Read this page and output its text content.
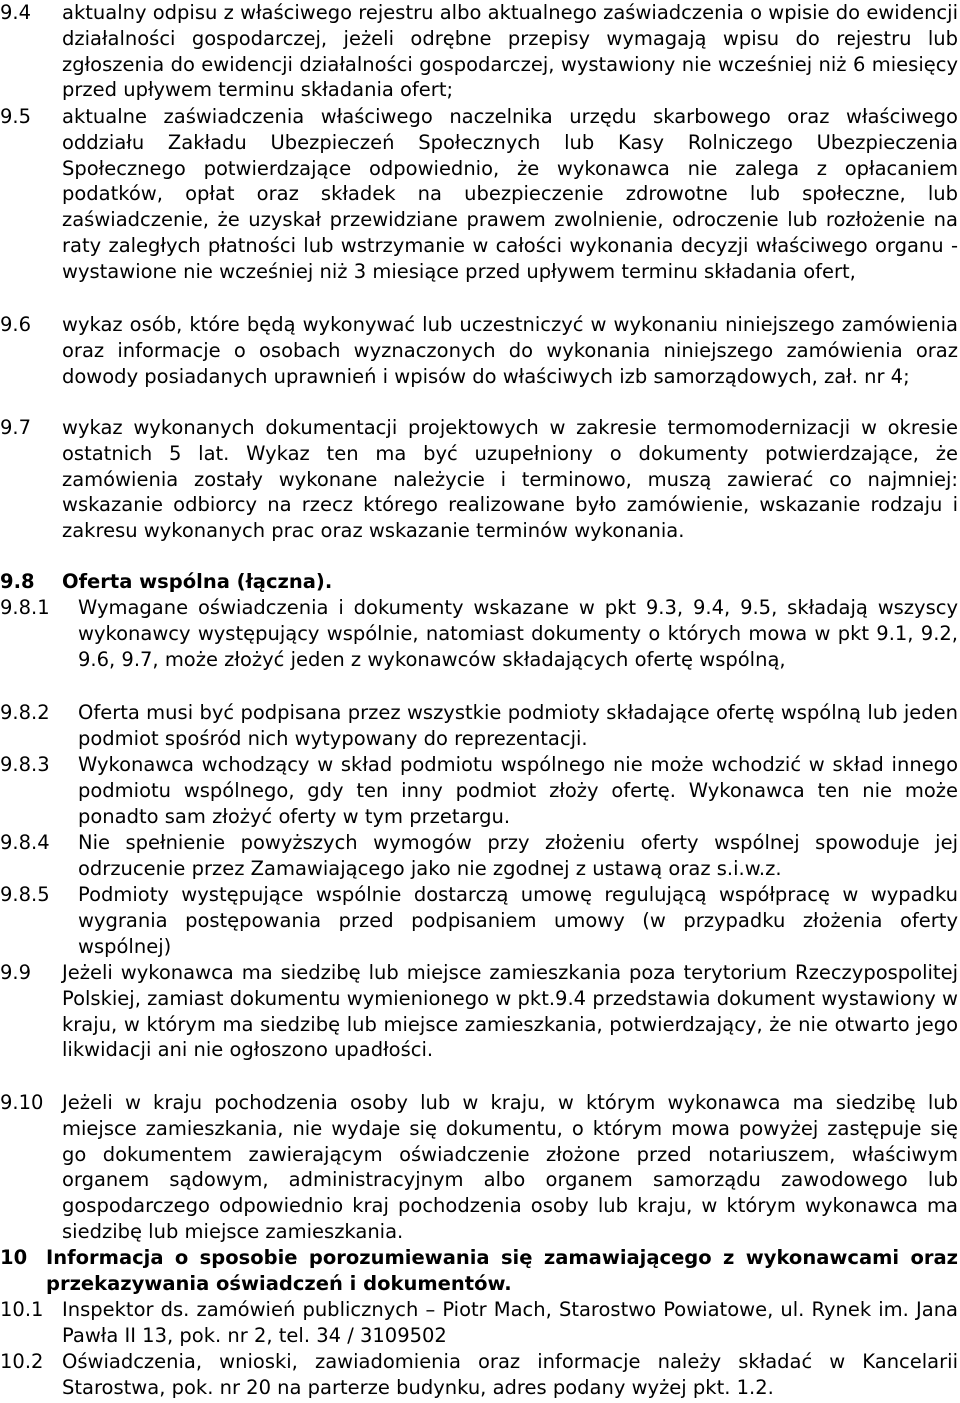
9.4	aktualny odpisu z właściwego rejestru albo aktualnego zaświadczenia o wpisie do ewidencji działalności gospodarczej, jeżeli odrębne przepisy wymagają wpisu do rejestru lub zgłoszenia do ewidencji działalności gospodarczej, wystawiony nie wcześniej niż 6 miesięcy przed upływem terminu składania ofert;
9.5	aktualne zaświadczenia właściwego naczelnika urzędu skarbowego oraz właściwego oddziału Zakładu Ubezpieczeń Społecznych lub Kasy Rolniczego Ubezpieczenia Społecznego potwierdzające odpowiednio, że wykonawca nie zalega z opłacaniem podatków, opłat oraz składek na ubezpieczenie zdrowotne lub społeczne, lub zaświadczenie, że uzyskał przewidziane prawem zwolnienie, odroczenie lub rozłożenie na raty zaległych płatności lub wstrzymanie w całości wykonania decyzji właściwego organu - wystawione nie wcześniej niż 3 miesiące przed upływem terminu składania ofert,
9.6	wykaz osób, które będą wykonywać lub uczestniczyć w wykonaniu niniejszego zamówienia oraz informacje o osobach wyznaczonych do wykonania niniejszego zamówienia oraz dowody posiadanych uprawnień i wpisów do właściwych izb samorządowych, zał. nr 4;
9.7	wykaz wykonanych dokumentacji projektowych w zakresie termomodernizacji w okresie ostatnich 5 lat. Wykaz ten ma być uzupełniony o dokumenty potwierdzające, że zamówienia zostały wykonane należycie i terminowo, muszą zawierać co najmniej: wskazanie odbiorcy na rzecz którego realizowane było zamówienie, wskazanie rodzaju i zakresu wykonanych prac oraz wskazanie terminów wykonania.
9.8	Oferta wspólna (łączna).
9.8.1	Wymagane oświadczenia i dokumenty wskazane w pkt 9.3, 9.4, 9.5, składają wszyscy wykonawcy występujący wspólnie, natomiast dokumenty o których mowa w pkt 9.1, 9.2, 9.6, 9.7, może złożyć jeden z wykonawców składających ofertę wspólną,
9.8.2	Oferta musi być podpisana przez wszystkie podmioty składające ofertę wspólną lub jeden podmiot spośród nich wytypowany do reprezentacji.
9.8.3	Wykonawca wchodzący w skład podmiotu wspólnego nie może wchodzić w skład innego podmiotu wspólnego, gdy ten inny podmiot złoży ofertę. Wykonawca ten nie może ponadto sam złożyć oferty w tym przetargu.
9.8.4	Nie spełnienie powyższych wymogów przy złożeniu oferty wspólnej spowoduje jej odrzucenie przez Zamawiającego jako nie zgodnej z ustawą oraz s.i.w.z.
9.8.5	Podmioty występujące wspólnie dostarczą umowę regulującą współpracę w wypadku wygrania postępowania przed podpisaniem umowy (w przypadku złożenia oferty wspólnej)
9.9	Jeżeli wykonawca ma siedzibę lub miejsce zamieszkania poza terytorium Rzeczypospolitej Polskiej, zamiast dokumentu wymienionego w pkt.9.4 przedstawia dokument wystawiony w kraju, w którym ma siedzibę lub miejsce zamieszkania, potwierdzający, że nie otwarto jego likwidacji ani nie ogłoszono upadłości.
9.10 Jeżeli w kraju pochodzenia osoby lub w kraju, w którym wykonawca ma siedzibę lub miejsce zamieszkania, nie wydaje się dokumentu, o którym mowa powyżej zastępuje się go dokumentem zawierającym oświadczenie złożone przed notariuszem, właściwym organem sądowym, administracyjnym albo organem samorządu zawodowego lub gospodarczego odpowiednio kraj pochodzenia osoby lub kraju, w którym wykonawca ma siedzibę lub miejsce zamieszkania.
10 Informacja o sposobie porozumiewania się zamawiającego z wykonawcami oraz przekazywania oświadczeń i dokumentów.
10.1 Inspektor ds. zamówień publicznych – Piotr Mach, Starostwo Powiatowe, ul. Rynek im. Jana Pawła II 13, pok. nr 2, tel. 34 / 3109502
10.2 Oświadczenia, wnioski, zawiadomienia oraz informacje należy składać w Kancelarii Starostwa, pok. nr 20 na parterze budynku, adres podany wyżej pkt. 1.2.
